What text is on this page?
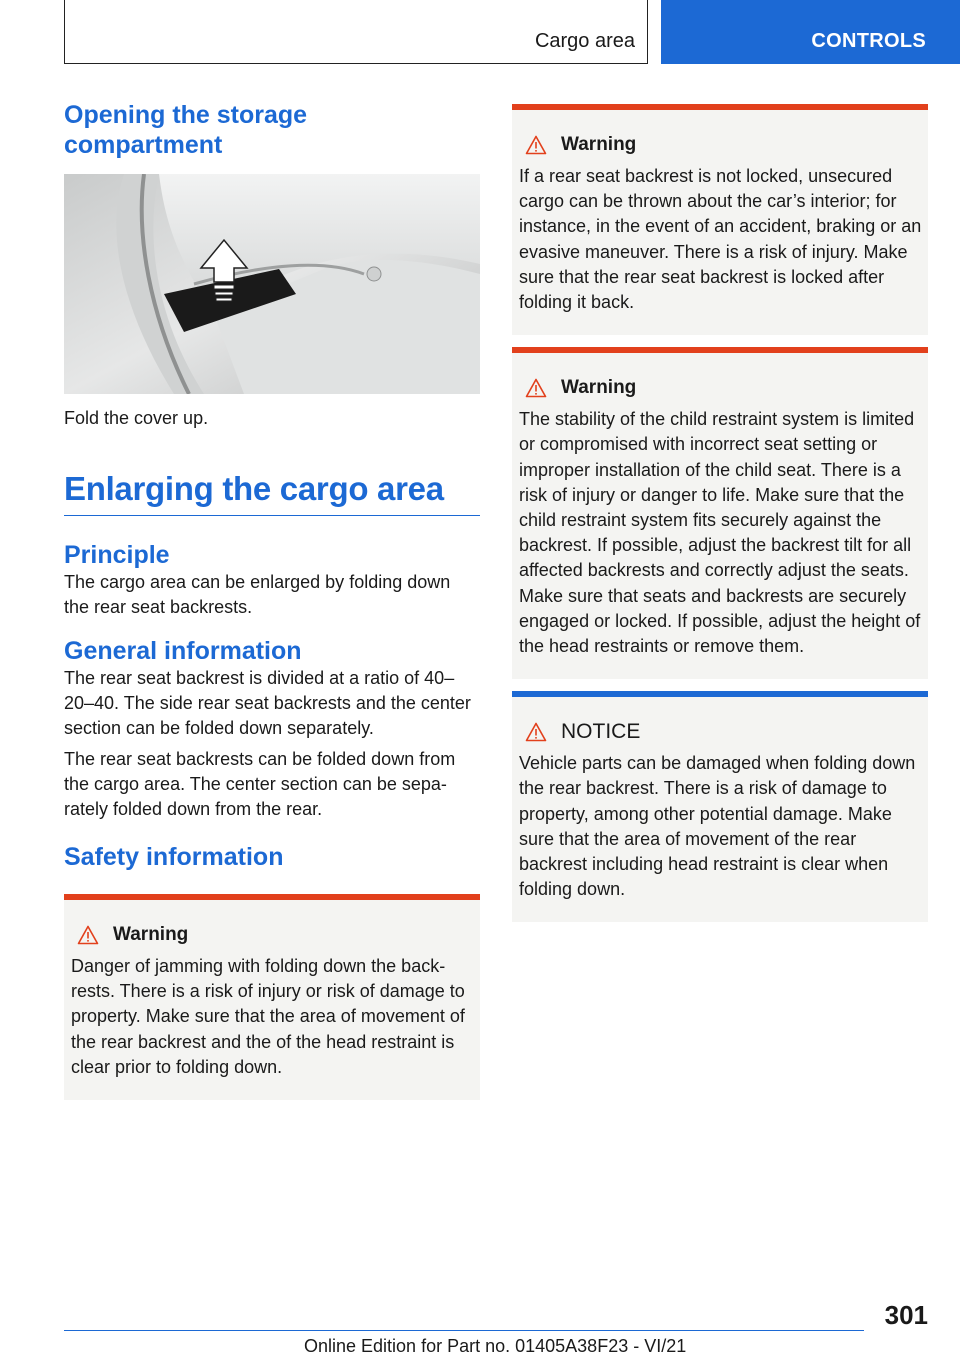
Cargo area	CONTROLS
Opening the storage compartment

Fold the cover up.

Enlarging the cargo area
Principle

The cargo area can be enlarged by folding down the rear seat backrests.

General information

The rear seat backrest is divided at a ratio of 40–20–40. The side rear seat backrests and the center section can be folded down separately.

The rear seat backrests can be folded down from the cargo area. The center section can be separately folded down from the rear.

Safety information
Warning

Danger of jamming with folding down the backrests. There is a risk of injury or risk of damage to property. Make sure that the area of movement of the rear backrest and the of the head restraint is clear prior to folding down.

Warning

If a rear seat backrest is not locked, unsecured cargo can be thrown about the car’s interior; for instance, in the event of an accident, braking or an evasive maneuver. There is a risk of injury. Make sure that the rear seat backrest is locked after folding it back.

Warning

The stability of the child restraint system is limited or compromised with incorrect seat setting or improper installation of the child seat. There is a risk of injury or danger to life. Make sure that the child restraint system fits securely against the backrest. If possible, adjust the backrest tilt for all affected backrests and correctly adjust the seats. Make sure that seats and backrests are securely engaged or locked. If possible, adjust the height of the head restraints or remove them.

NOTICE

Vehicle parts can be damaged when folding down the rear backrest. There is a risk of damage to property, among other potential damage. Make sure that the area of movement of the rear backrest including head restraint is clear when folding down.

301
Online Edition for Part no. 01405A38F23 - VI/21
